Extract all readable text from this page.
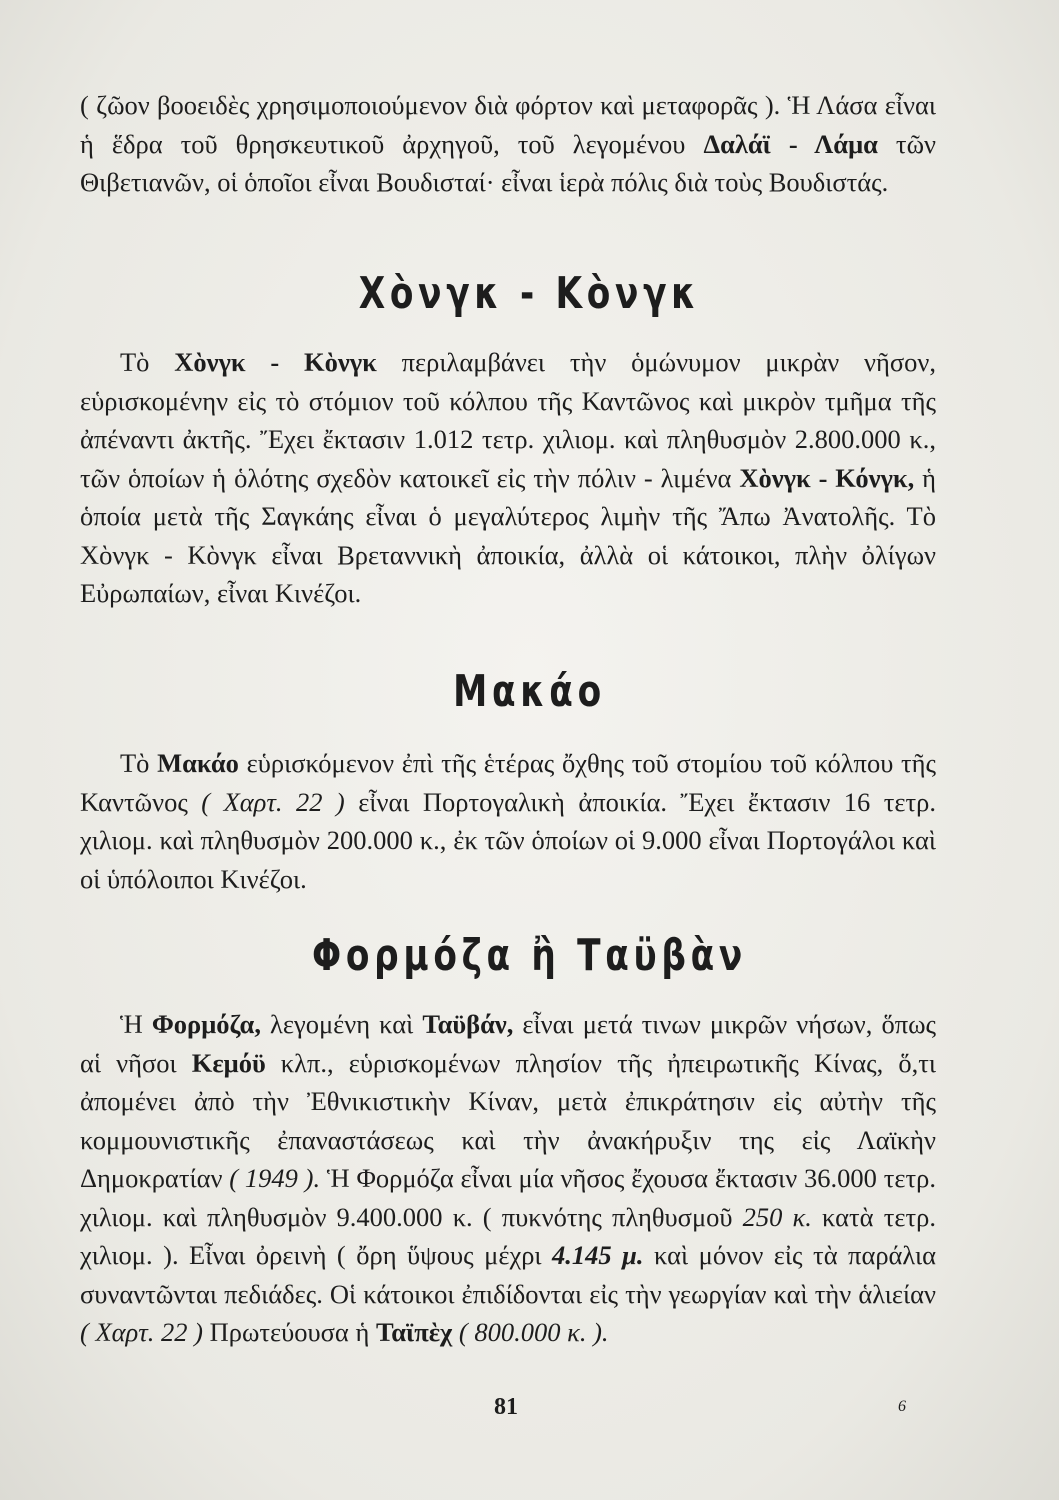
( ζῶον βοοειδὲς χρησιμοποιούμενον διὰ φόρτον καὶ μεταφορᾶς ). Ἡ Λάσα εἶναι ἡ ἕδρα τοῦ θρησκευτικοῦ ἀρχηγοῦ, τοῦ λεγομένου Δαλάϊ - Λάμα τῶν Θιβετιανῶν, οἱ ὁποῖοι εἶναι Βουδισταί· εἶναι ἱερὰ πόλις διὰ τοὺς Βουδιστάς.

Χὸνγκ - Κὸνγκ

Τὸ Χὸνγκ - Κὸνγκ περιλαμβάνει τὴν ὁμώνυμον μικρὰν νῆσον, εὑρισκομένην εἰς τὸ στόμιον τοῦ κόλπου τῆς Καντῶνος καὶ μικρὸν τμῆμα τῆς ἀπέναντι ἀκτῆς. Ἔχει ἔκτασιν 1.012 τετρ. χιλιομ. καὶ πληθυσμὸν 2.800.000 κ., τῶν ὁποίων ἡ ὁλότης σχεδὸν κατοικεῖ εἰς τὴν πόλιν - λιμένα Χὸνγκ - Κόνγκ, ἡ ὁποία μετὰ τῆς Σαγκάης εἶναι ὁ μεγαλύτερος λιμὴν τῆς Ἄπω Ἀνατολῆς. Τὸ Χὸνγκ - Κὸνγκ εἶναι Βρεταννικὴ ἀποικία, ἀλλὰ οἱ κάτοικοι, πλὴν ὀλίγων Εὐρωπαίων, εἶναι Κινέζοι.

Μακάο

Τὸ Μακάο εὑρισκόμενον ἐπὶ τῆς ἑτέρας ὄχθης τοῦ στομίου τοῦ κόλπου τῆς Καντῶνος ( Χαρτ. 22 ) εἶναι Πορτογαλικὴ ἀποικία. Ἔχει ἔκτασιν 16 τετρ. χιλιομ. καὶ πληθυσμὸν 200.000 κ., ἐκ τῶν ὁποίων οἱ 9.000 εἶναι Πορτογάλοι καὶ οἱ ὑπόλοιποι Κινέζοι.

Φορμόζα ἢ Ταϋβὰν

Ἡ Φορμόζα, λεγομένη καὶ Ταϋβάν, εἶναι μετά τινων μικρῶν νήσων, ὅπως αἱ νῆσοι Κεμόϋ κλπ., εὑρισκομένων πλησίον τῆς ἠπειρωτικῆς Κίνας, ὅ,τι ἀπομένει ἀπὸ τὴν Ἐθνικιστικὴν Κίναν, μετὰ ἐπικράτησιν εἰς αὐτὴν τῆς κομμουνιστικῆς ἐπαναστάσεως καὶ τὴν ἀνακήρυξιν της εἰς Λαϊκὴν Δημοκρατίαν ( 1949 ). Ἡ Φορμόζα εἶναι μία νῆσος ἔχουσα ἔκτασιν 36.000 τετρ. χιλιομ. καὶ πληθυσμὸν 9.400.000 κ. ( πυκνότης πληθυσμοῦ 250 κ. κατὰ τετρ. χιλιομ. ). Εἶναι ὀρεινὴ ( ὄρη ὕψους μέχρι 4.145 μ. καὶ μόνον εἰς τὰ παράλια συναντῶνται πεδιάδες. Οἱ κάτοικοι ἐπιδίδονται εἰς τὴν γεωργίαν καὶ τὴν ἁλιείαν ( Χαρτ. 22 ) Πρωτεύουσα ἡ Ταϊπὲχ ( 800.000 κ. ).

81	6
